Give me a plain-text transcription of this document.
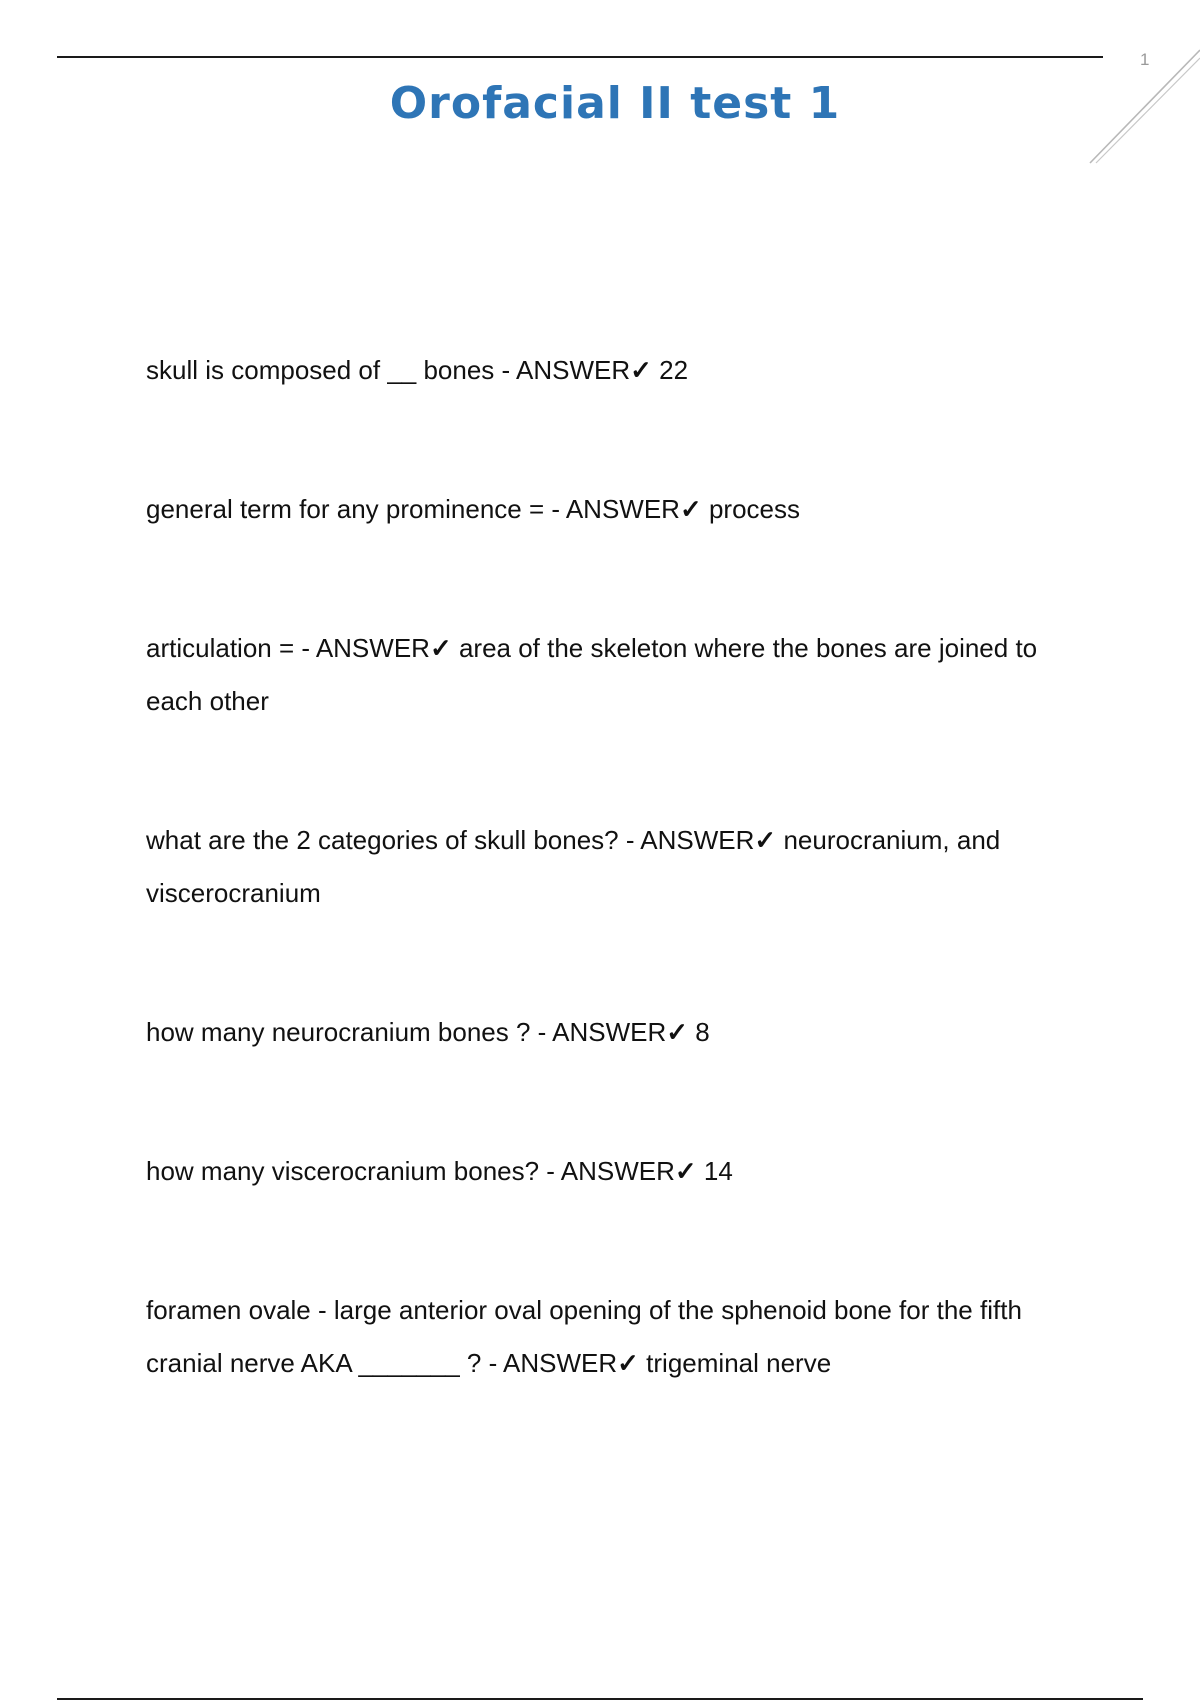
1
Orofacial II test 1
skull is composed of __ bones - ANSWER✓ 22
general term for any prominence = - ANSWER✓ process
articulation = - ANSWER✓ area of the skeleton where the bones are joined to each other
what are the 2 categories of skull bones? - ANSWER✓ neurocranium, and viscerocranium
how many neurocranium bones ? - ANSWER✓ 8
how many viscerocranium bones? - ANSWER✓ 14
foramen ovale - large anterior oval opening of the sphenoid bone for the fifth cranial nerve AKA _______ ? - ANSWER✓ trigeminal nerve
